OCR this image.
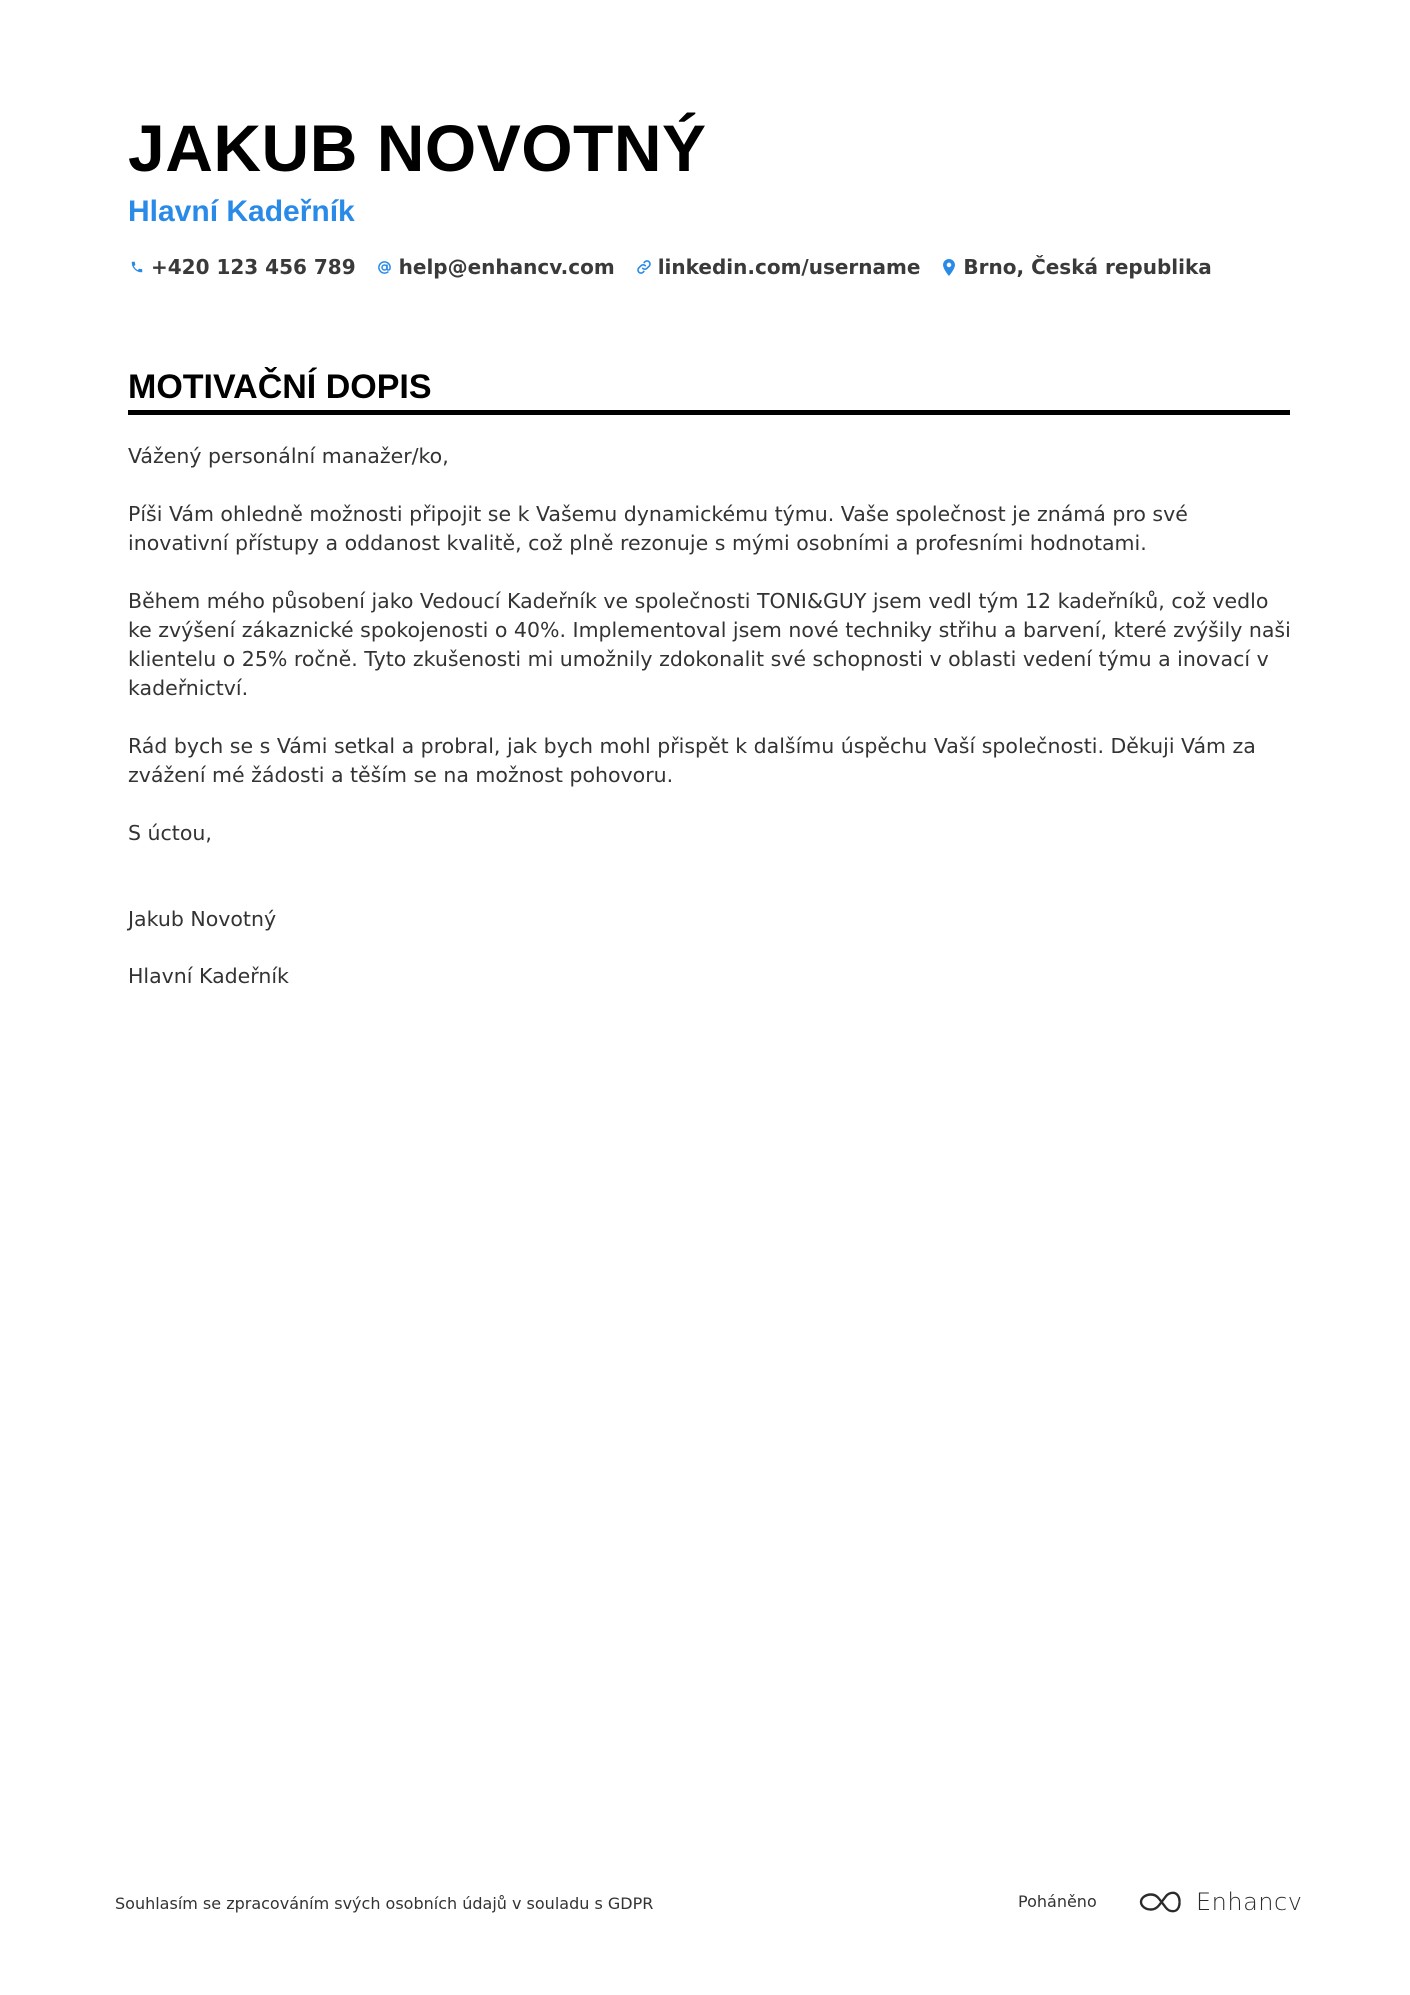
JAKUB NOVOTNÝ
Hlavní Kadeřník
+420 123 456 789 help@enhancv.com linkedin.com/username Brno, Česká republika
MOTIVAČNÍ DOPIS

Vážený personální manažer/ko,

Píši Vám ohledně možnosti připojit se k Vašemu dynamickému týmu. Vaše společnost je známá pro své inovativní přístupy a oddanost kvalitě, což plně rezonuje s mými osobními a profesními hodnotami.

Během mého působení jako Vedoucí Kadeřník ve společnosti TONI&GUY jsem vedl tým 12 kadeřníků, což vedlo ke zvýšení zákaznické spokojenosti o 40%. Implementoval jsem nové techniky střihu a barvení, které zvýšily naši klientelu o 25% ročně. Tyto zkušenosti mi umožnily zdokonalit své schopnosti v oblasti vedení týmu a inovací v kadeřnictví.

Rád bych se s Vámi setkal a probral, jak bych mohl přispět k dalšímu úspěchu Vaší společnosti. Děkuji Vám za zvážení mé žádosti a těším se na možnost pohovoru.

S úctou,

Jakub Novotný

Hlavní Kadeřník

Souhlasím se zpracováním svých osobních údajů v souladu s GDPR	Poháněno	Enhancv
